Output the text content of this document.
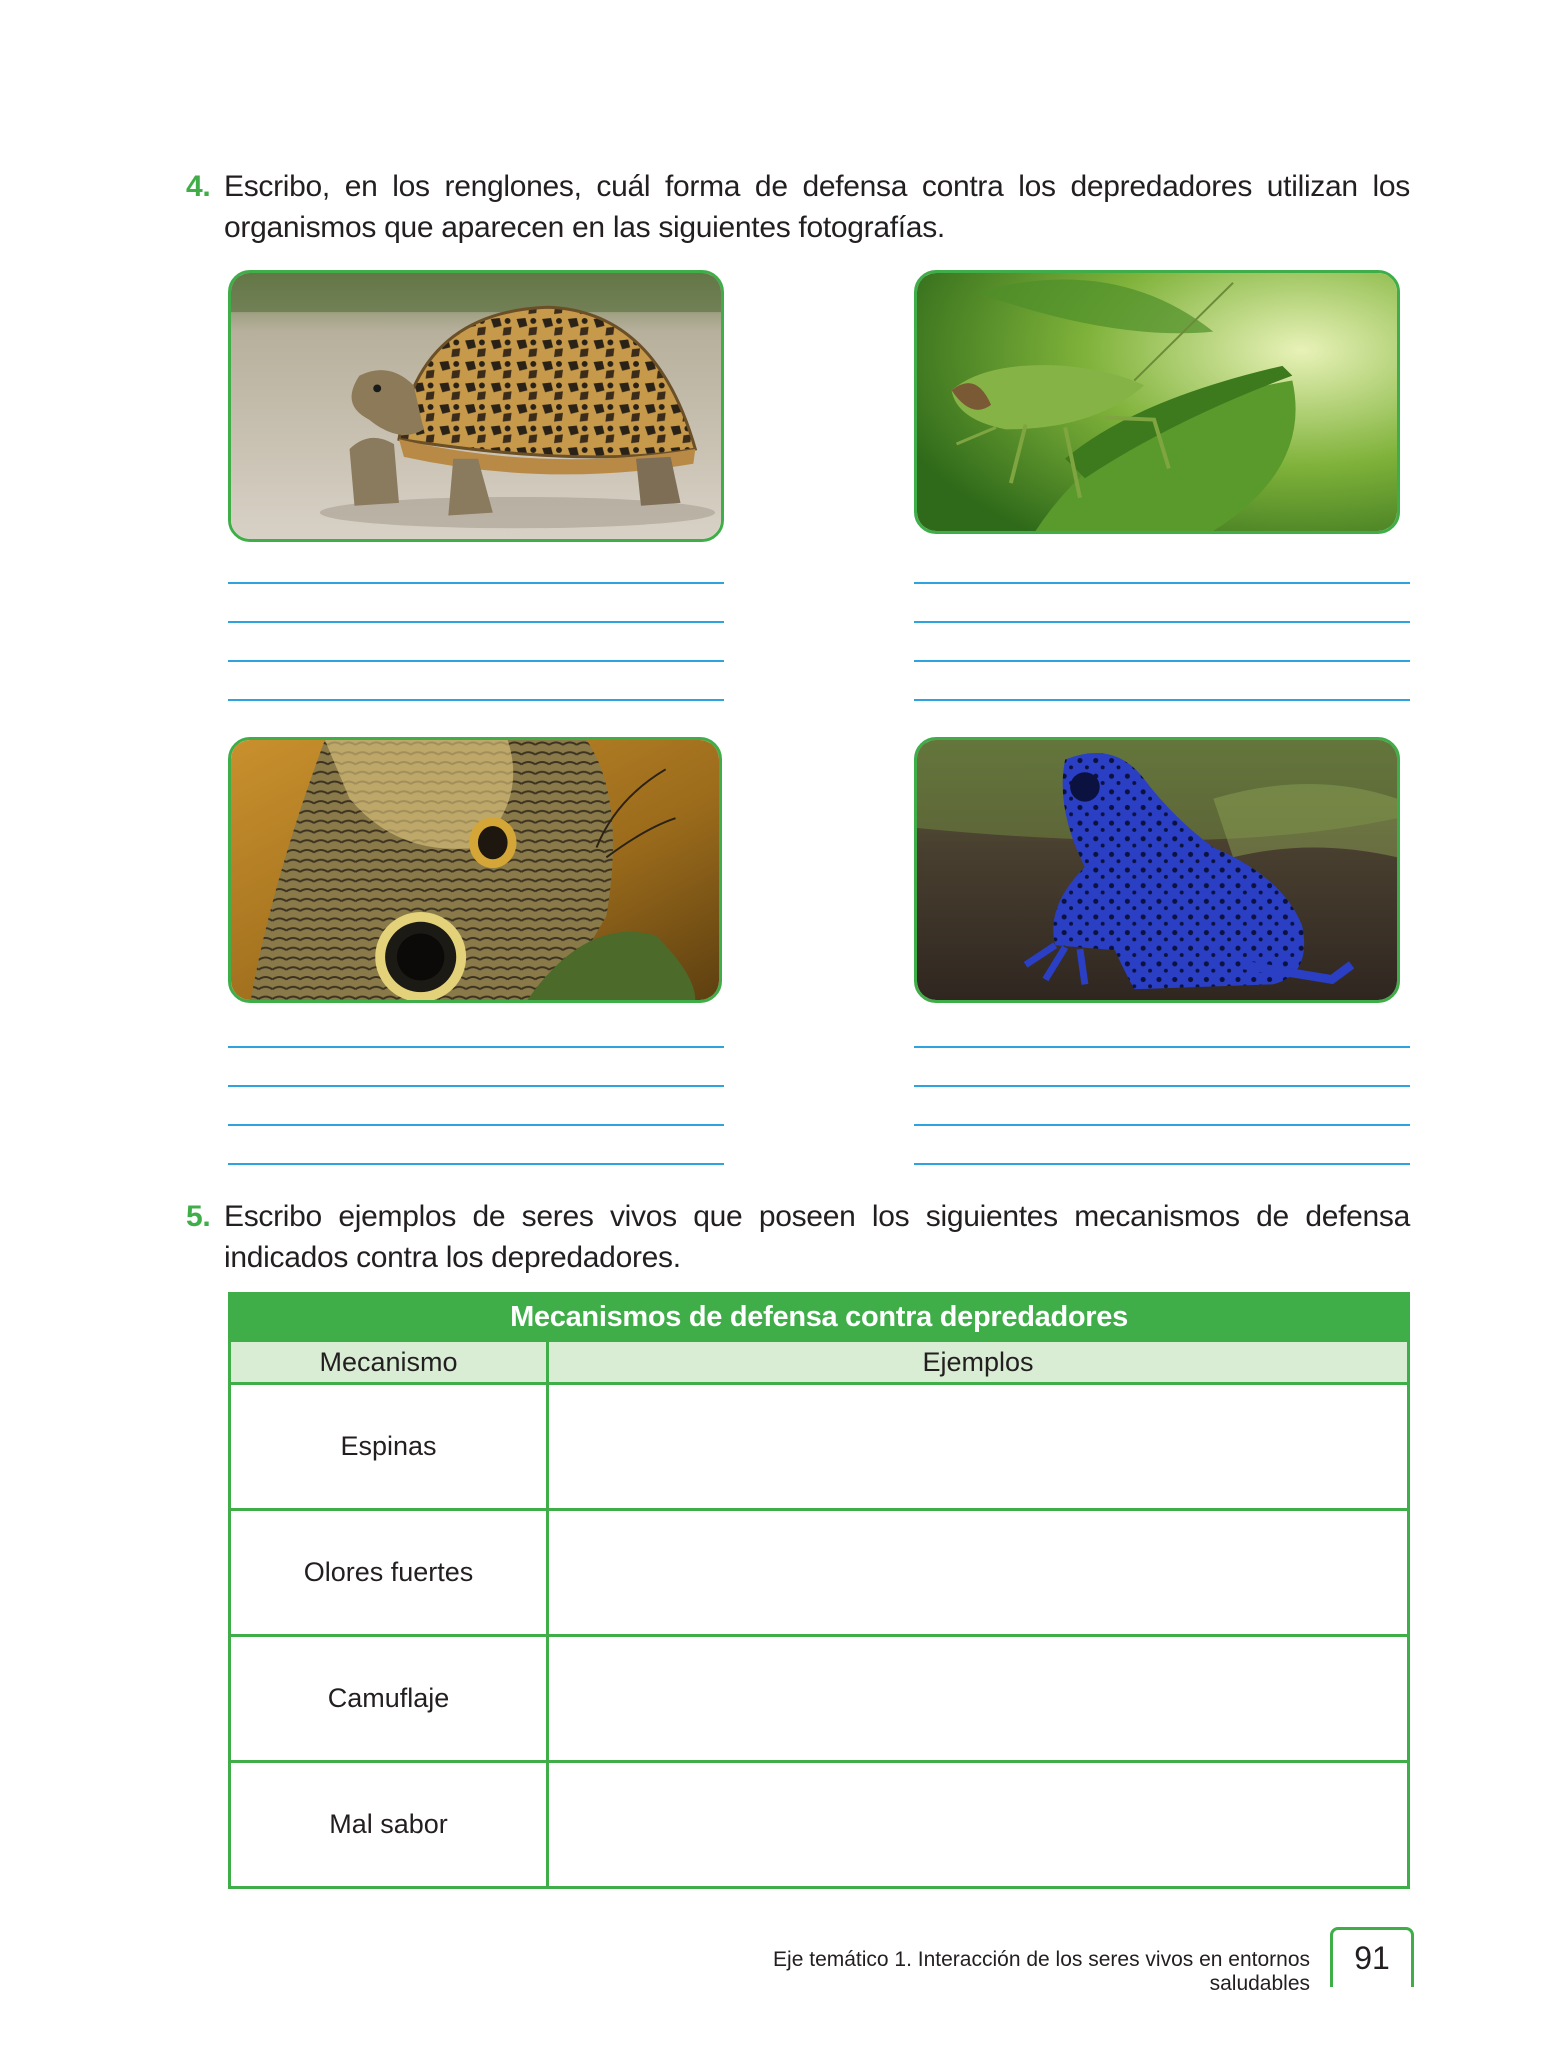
4. Escribo, en los renglones, cuál forma de defensa contra los depredadores utilizan los organismos que aparecen en las siguientes fotografías.
5. Escribo ejemplos de seres vivos que poseen los siguientes mecanismos de defensa indicados contra los depredadores.
Mecanismos de defensa contra depredadores	
Mecanismo	Ejemplos
Espinas	
Olores fuertes	
Camuflaje	
Mal sabor	
Eje temático 1. Interacción de los seres vivos en entornos saludables
91
